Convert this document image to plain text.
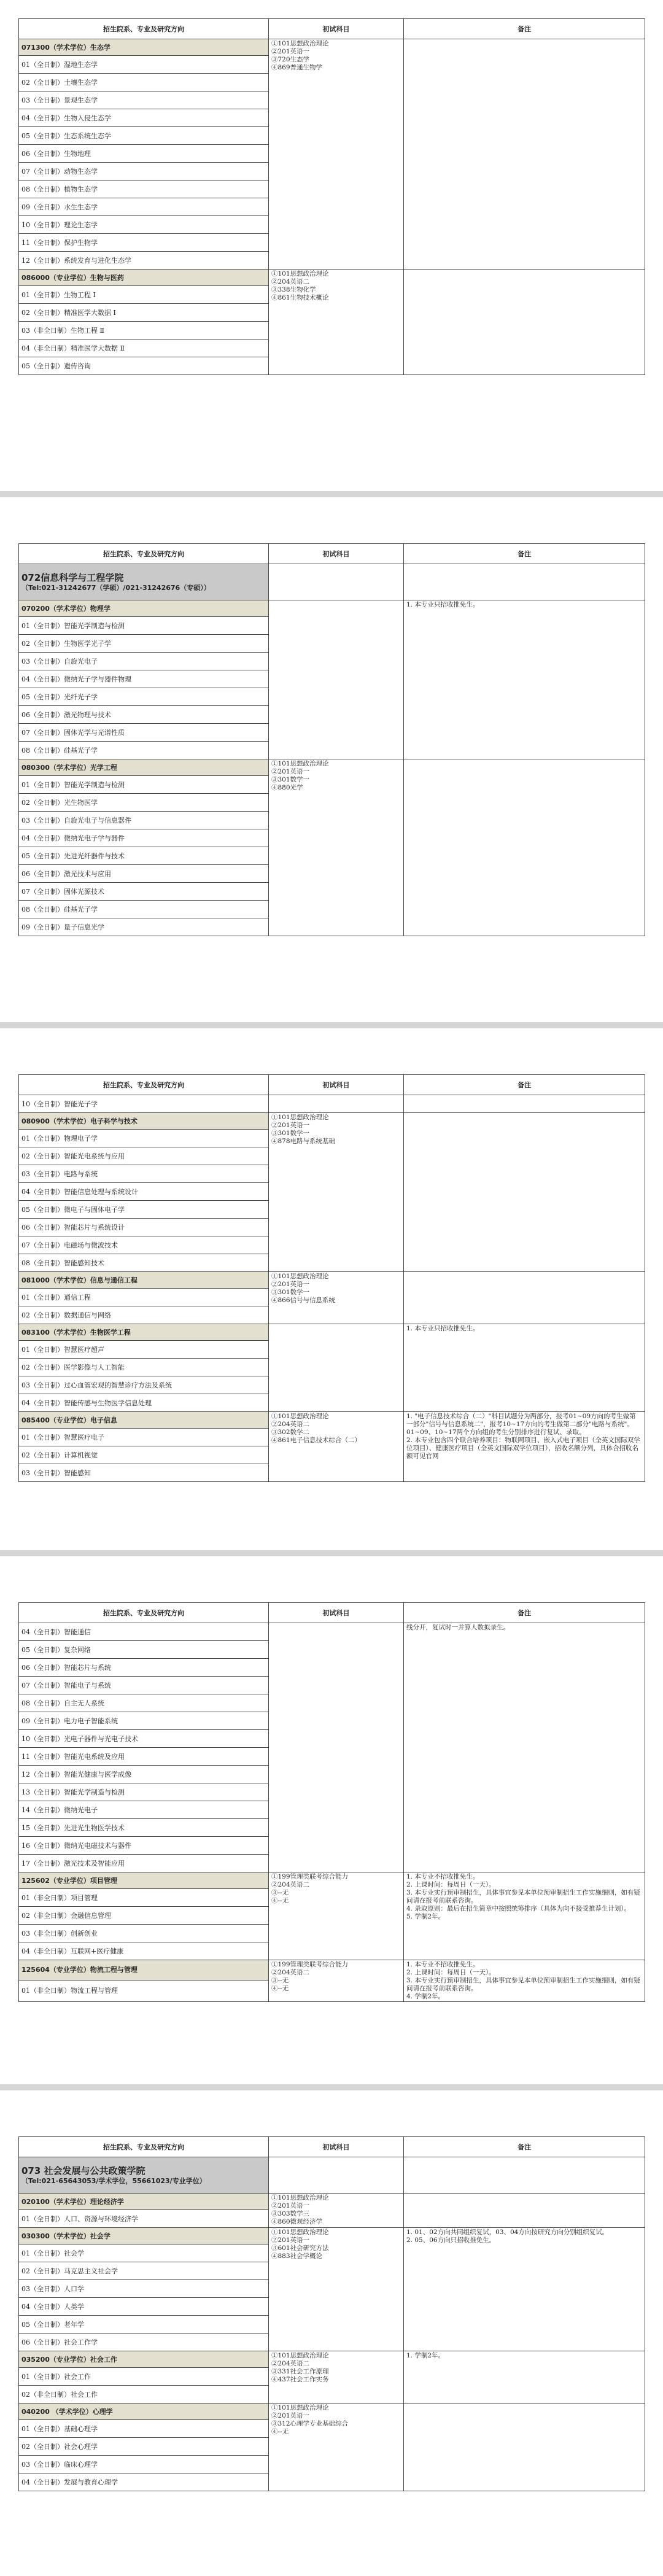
招生院系、专业及研究方向	初试科目	备注
071300（学术学位）生态学	①101思想政治理论
②201英语一
③720生态学
④869普通生物学	

01（全日制）湿地生态学		
02（全日制）土壤生态学		
03（全日制）景观生态学		
04（全日制）生物入侵生态学		
05（全日制）生态系统生态学		
06（全日制）生物地理		
07（全日制）动物生态学		
08（全日制）植物生态学		
09（全日制）水生生态学		
10（全日制）理论生态学		
11（全日制）保护生物学		
12（全日制）系统发育与进化生态学		
086000（专业学位）生物与医药	①101思想政治理论
②204英语二
③338生物化学
④861生物技术概论	

01（全日制）生物工程 Ⅰ		
02（全日制）精准医学大数据 Ⅰ		
03（非全日制）生物工程 Ⅱ		
04（非全日制）精准医学大数据 Ⅱ		
05（全日制）遗传咨询		
招生院系、专业及研究方向	初试科目	备注

072信息科学与工程学院
（Tel:021-31242677（学硕）/021-31242676（专硕））		

070200（学术学位）物理学		1. 本专业只招收推免生。

01（全日制）智能光学制造与检测		
02（全日制）生物医学光子学		
03（全日制）自旋光电子		
04（全日制）微纳光子学与器件物理		
05（全日制）光纤光子学		
06（全日制）激光物理与技术		
07（全日制）固体光学与光谱性质		
08（全日制）硅基光子学		
080300（学术学位）光学工程	①101思想政治理论
②201英语一
③301数学一
④880光学	

01（全日制）智能光学制造与检测		
02（全日制）光生物医学		
03（全日制）自旋光电子与信息器件		
04（全日制）微纳光电子学与器件		
05（全日制）先进光纤器件与技术		
06（全日制）激光技术与应用		
07（全日制）固体光源技术		
08（全日制）硅基光子学		
09（全日制）量子信息光学		
招生院系、专业及研究方向	初试科目	备注
10（全日制）智能光子学		
080900（学术学位）电子科学与技术	①101思想政治理论
②201英语一
③301数学一
④878电路与系统基础	

01（全日制）物理电子学		
02（全日制）智能光电系统与应用		
03（全日制）电路与系统		
04（全日制）智能信息处理与系统设计		
05（全日制）微电子与固体电子学		
06（全日制）智能芯片与系统设计		
07（全日制）电磁场与微波技术		
08（全日制）智能感知技术		
081000（学术学位）信息与通信工程	①101思想政治理论
②201英语一
③301数学一
④866信号与信息系统	

01（全日制）通信工程		
02（全日制）数据通信与网络		
083100（学术学位）生物医学工程		1. 本专业只招收推免生。

01（全日制）智慧医疗超声		
02（全日制）医学影像与人工智能		
03（全日制）过心血管宏观的智慧诊疗方法及系统		
04（全日制）智能传感与生物医学信息处理		
085400（专业学位）电子信息	①101思想政治理论
②204英语二
③302数学二
④861电子信息技术综合（二）	1. "电子信息技术综合（二）"科目试题分为两部分，报考01~09方向的考生做第一部分"信号与信息系统二"，报考10~17方向的考生做第二部分"电路与系统"。01~09、10~17两个方向组的考生分别排序进行复试、录取。
2. 本专业包含四个联合培养项目：物联网项目、嵌入式电子项目（全英文国际双学位项目）、健康医疗项目（全英文国际双学位项目），招收名额分列，具体合招收名额可见官网

01（全日制）智慧医疗电子		
02（全日制）计算机视觉		
03（全日制）智能感知		
招生院系、专业及研究方向	初试科目	备注
04（全日制）智能通信		线分开，复试时一并算人数拟录生。

05（全日制）复杂网络		
06（全日制）智能芯片与系统		
07（全日制）智能电子与系统		
08（全日制）自主无人系统		
09（全日制）电力电子智能系统		
10（全日制）光电子器件与光电子技术		
11（全日制）智能光电系统及应用		
12（全日制）智能光健康与医学成像		
13（全日制）智能光学制造与检测		
14（全日制）微纳光电子		
15（全日制）先进光生物医学技术		
16（全日制）微纳光电磁技术与器件		
17（全日制）激光技术及智能应用		
125602（专业学位）项目管理	①199管理类联考综合能力
②204英语二
③--无
④--无	1. 本专业不招收推免生。
2. 上课时间：每周日（一天）。
3. 本专业实行预审制招生，具体事宜参见本单位预审制招生工作实施细则，如有疑问请在报考前联系咨询。
4. 录取原则：最后在招生简章中按照统筹排序（具体为向不接受推荐生计划）。
5. 学制2年。

01（非全日制）项目管理		
02（非全日制）金融信息管理		
03（非全日制）创新创业		
04（非全日制）互联网+医疗健康		
125604（专业学位）物流工程与管理	①199管理类联考综合能力
②204英语二
③--无
④--无	1. 本专业不招收推免生。
2. 上课时间：每周日（一天）。
3. 本专业实行预审制招生，具体事宜参见本单位预审制招生工作实施细则，如有疑问请在报考前联系咨询。
4. 学制2年。

01（非全日制）物流工程与管理		
招生院系、专业及研究方向	初试科目	备注

073 社会发展与公共政策学院
（Tel:021-65643053/学术学位，55661023/专业学位）		

020100（学术学位）理论经济学	①101思想政治理论
②201英语一
③303数学三
④860微观经济学	

01（全日制）人口、资源与环境经济学		
030300（学术学位）社会学	①101思想政治理论
②201英语一
③601社会研究方法
④883社会学概论	1. 01、02方向共同组织复试，03、04方向按研究方向分别组织复试。
2. 05、06方向只招收推免生。

01（全日制）社会学		
02（全日制）马克思主义社会学		
03（全日制）人口学		
04（全日制）人类学		
05（全日制）老年学		
06（全日制）社会工作学		
035200（专业学位）社会工作	①101思想政治理论
②204英语二
③331社会工作原理
④437社会工作实务	1. 学制2年。

01（全日制）社会工作		
02（非全日制）社会工作		
040200 （学术学位）心理学	①101思想政治理论
②201英语一
③312心理学专业基础综合
④--无	

01（全日制）基础心理学		
02（全日制）社会心理学		
03（全日制）临床心理学		
04（全日制）发展与教育心理学		
